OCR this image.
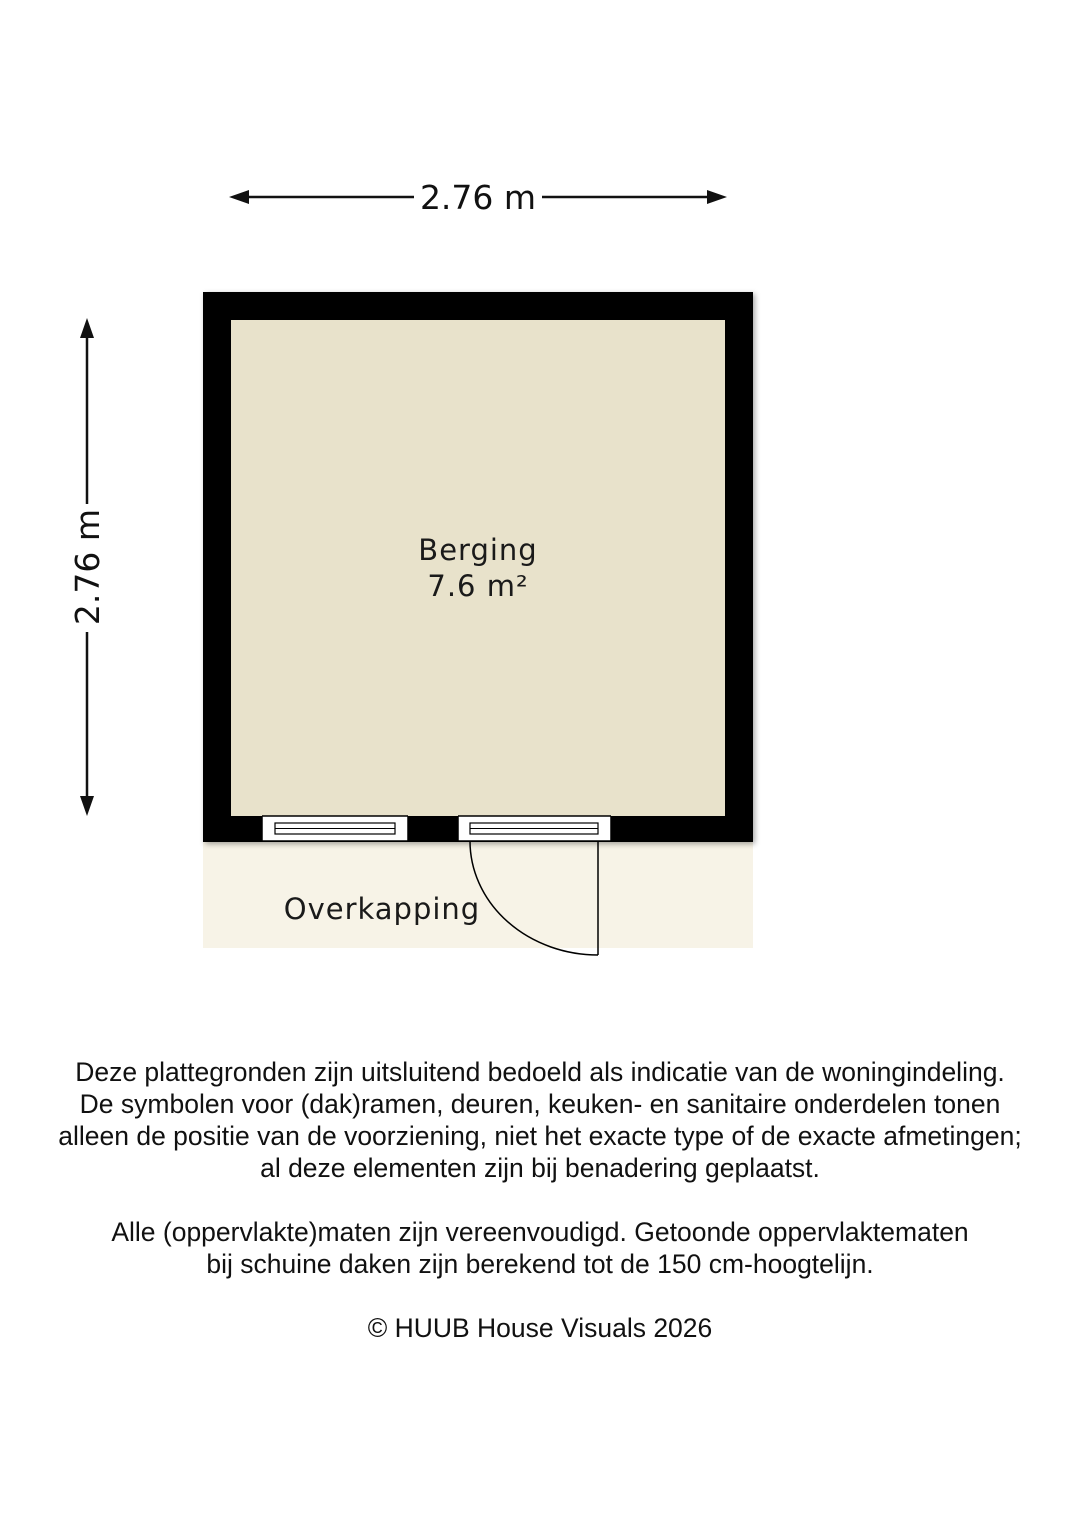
2.76 m
2.76 m	Berging
7.6 m²
Overkapping

Deze plattegronden zijn uitsluitend bedoeld als indicatie van de woningindeling.

De symbolen voor (dak)ramen, deuren, keuken- en sanitaire onderdelen tonen

alleen de positie van de voorziening, niet het exacte type of de exacte afmetingen;

al deze elementen zijn bij benadering geplaatst.

Alle (oppervlakte)maten zijn vereenvoudigd. Getoonde oppervlaktematen

bij schuine daken zijn berekend tot de 150 cm-hoogtelijn.

© HUUB House Visuals 2026
